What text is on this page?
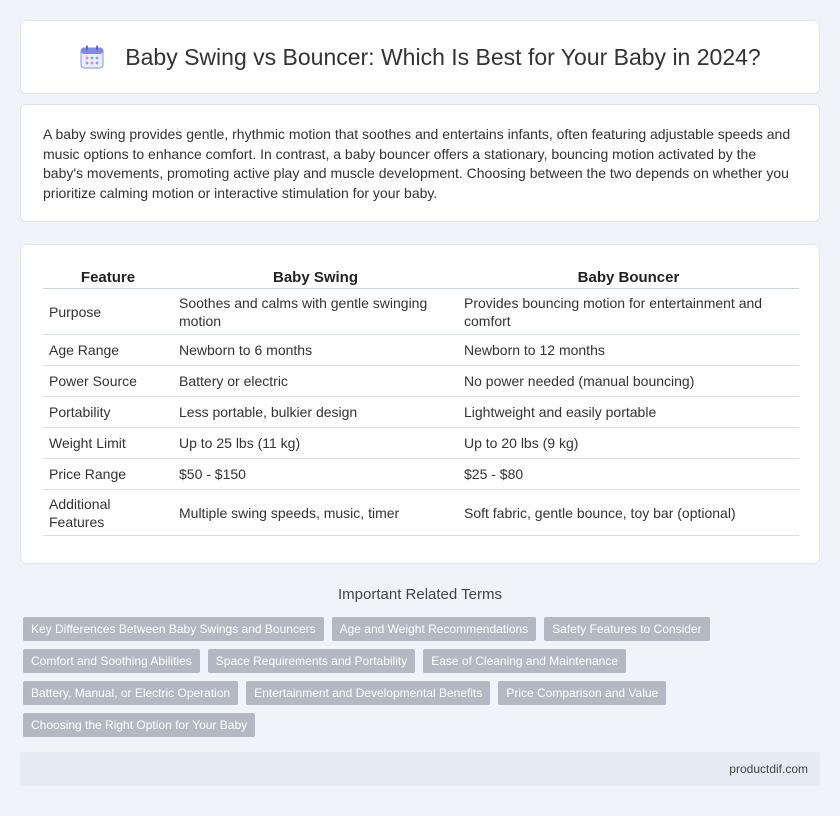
Baby Swing vs Bouncer: Which Is Best for Your Baby in 2024?

A baby swing provides gentle, rhythmic motion that soothes and entertains infants, often featuring adjustable speeds and music options to enhance comfort. In contrast, a baby bouncer offers a stationary, bouncing motion activated by the baby's movements, promoting active play and muscle development. Choosing between the two depends on whether you prioritize calming motion or interactive stimulation for your baby.

Feature	Baby Swing	Baby Bouncer
Purpose	Soothes and calms with gentle swinging motion	Provides bouncing motion for entertainment and comfort
Age Range	Newborn to 6 months	Newborn to 12 months
Power Source	Battery or electric	No power needed (manual bouncing)
Portability	Less portable, bulkier design	Lightweight and easily portable
Weight Limit	Up to 25 lbs (11 kg)	Up to 20 lbs (9 kg)
Price Range	$50 - $150	$25 - $80
Additional Features	Multiple swing speeds, music, timer	Soft fabric, gentle bounce, toy bar (optional)
Important Related Terms
Key Differences Between Baby Swings and Bouncers	Age and Weight Recommendations	Safety Features to Consider
Comfort and Soothing Abilities	Space Requirements and Portability	Ease of Cleaning and Maintenance
Battery, Manual, or Electric Operation	Entertainment and Developmental Benefits	Price Comparison and Value
Choosing the Right Option for Your Baby
productdif.com
